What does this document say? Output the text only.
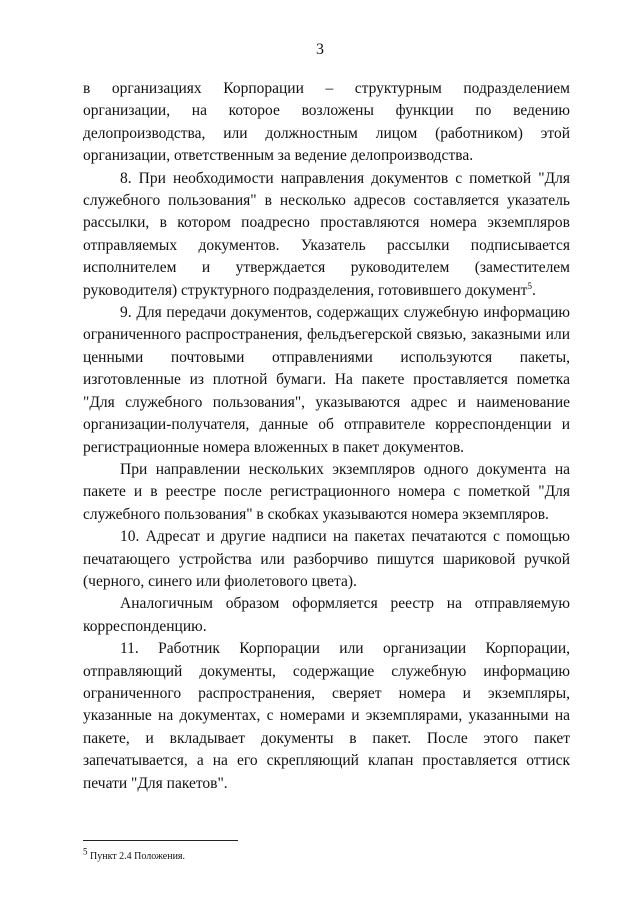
3

в организациях Корпорации – структурным подразделением организации, на которое возложены функции по ведению делопроизводства, или должностным лицом (работником) этой организации, ответственным за ведение делопроизводства.

8. При необходимости направления документов с пометкой "Для служебного пользования" в несколько адресов составляется указатель рассылки, в котором поадресно проставляются номера экземпляров отправляемых документов. Указатель рассылки подписывается исполнителем и утверждается руководителем (заместителем руководителя) структурного подразделения, готовившего документ$^5$.

9. Для передачи документов, содержащих служебную информацию ограниченного распространения, фельдъегерской связью, заказными или ценными почтовыми отправлениями используются пакеты, изготовленные из плотной бумаги. На пакете проставляется пометка "Для служебного пользования", указываются адрес и наименование организации-получателя, данные об отправителе корреспонденции и регистрационные номера вложенных в пакет документов.

При направлении нескольких экземпляров одного документа на пакете и в реестре после регистрационного номера с пометкой "Для служебного пользования" в скобках указываются номера экземпляров.

10. Адресат и другие надписи на пакетах печатаются с помощью печатающего устройства или разборчиво пишутся шариковой ручкой (черного, синего или фиолетового цвета).

Аналогичным образом оформляется реестр на отправляемую корреспонденцию.

11. Работник Корпорации или организации Корпорации, отправляющий документы, содержащие служебную информацию ограниченного распространения, сверяет номера и экземпляры, указанные на документах, с номерами и экземплярами, указанными на пакете, и вкладывает документы в пакет. После этого пакет запечатывается, а на его скрепляющий клапан проставляется оттиск печати "Для пакетов".

$^5$ Пункт 2.4 Положения.
